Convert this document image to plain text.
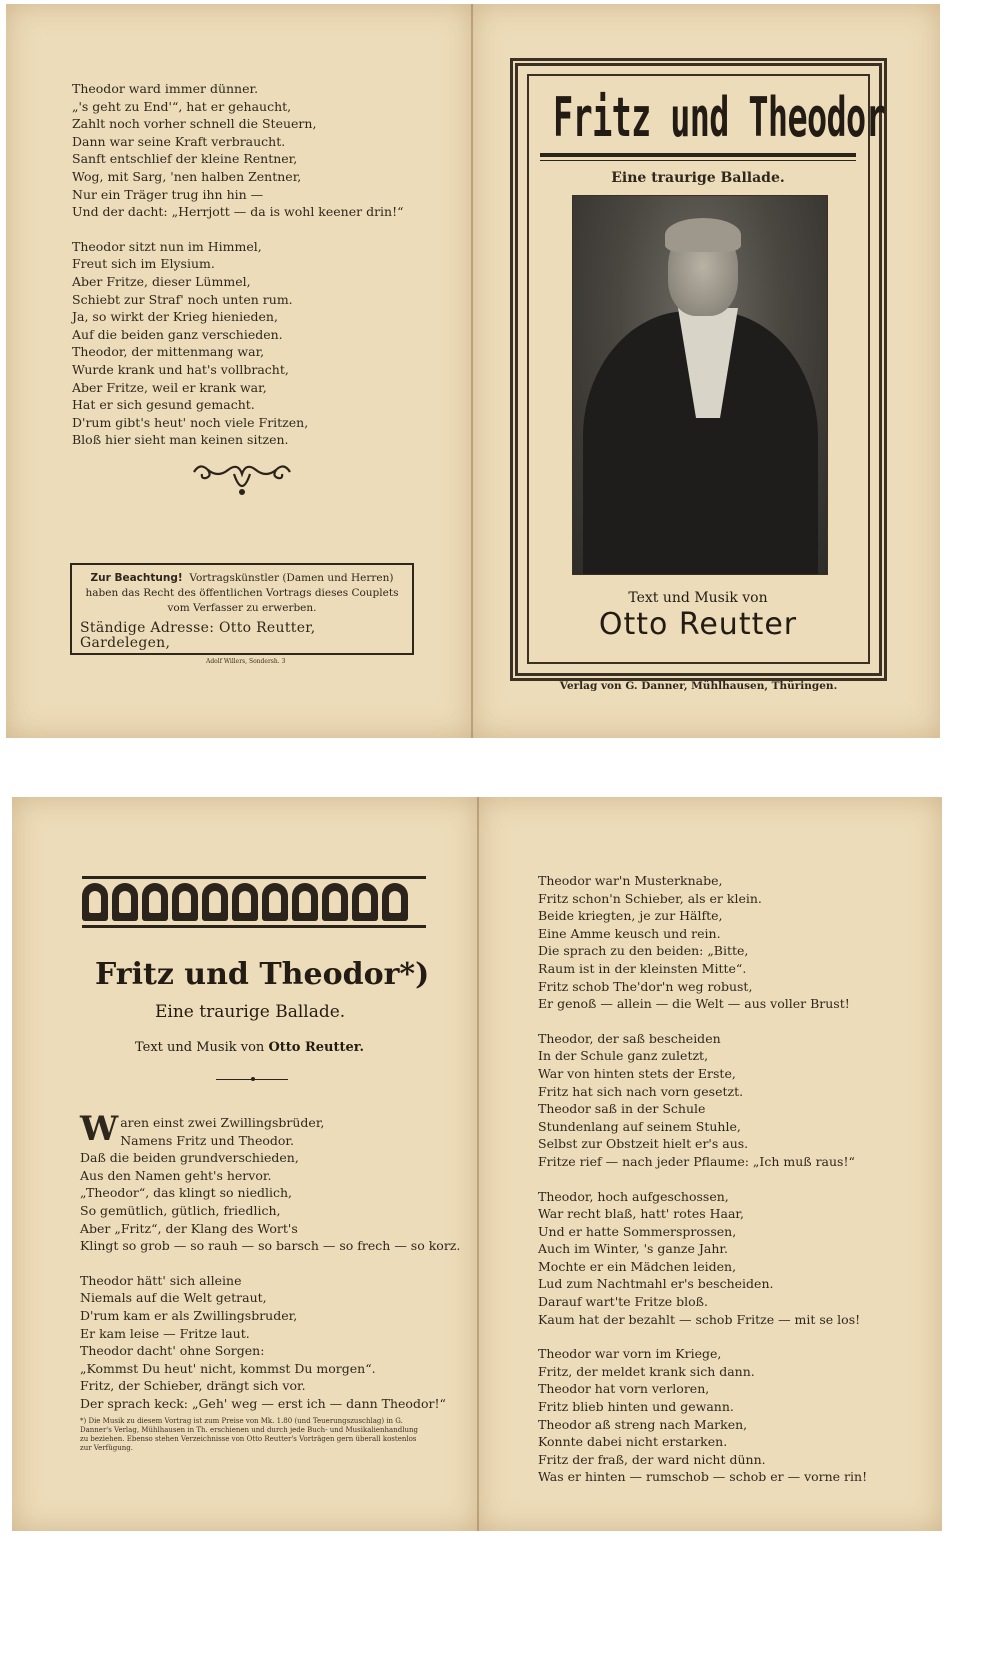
Theodor ward immer dünner.
„'s geht zu End'“, hat er gehaucht,
Zahlt noch vorher schnell die Steuern,
Dann war seine Kraft verbraucht.
Sanft entschlief der kleine Rentner,
Wog, mit Sarg, 'nen halben Zentner,
Nur ein Träger trug ihn hin —
Und der dacht: „Herrjott — da is wohl keener drin!“
Theodor sitzt nun im Himmel,
Freut sich im Elysium.
Aber Fritze, dieser Lümmel,
Schiebt zur Straf' noch unten rum.
Ja, so wirkt der Krieg hienieden,
Auf die beiden ganz verschieden.
Theodor, der mittenmang war,
Wurde krank und hat's vollbracht,
Aber Fritze, weil er krank war,
Hat er sich gesund gemacht.
D'rum gibt's heut' noch viele Fritzen,
Bloß hier sieht man keinen sitzen.
Zur Beachtung! Vortragskünstler (Damen und Herren) haben das Recht des öffentlichen Vortrags dieses Couplets vom Verfasser zu erwerben.
Ständige Adresse: Otto Reutter, Gardelegen,
Adolf Willers, Sondersh. 3
Fritz und Theodor
Eine traurige Ballade.
Text und Musik von
Otto Reutter
Verlag von G. Danner, Mühlhausen, Thüringen.
Fritz und Theodor*)
Eine traurige Ballade.
Text und Musik von Otto Reutter.
Waren einst zwei Zwillingsbrüder,
Namens Fritz und Theodor.
Daß die beiden grundverschieden,
Aus den Namen geht's hervor.
„Theodor“, das klingt so niedlich,
So gemütlich, gütlich, friedlich,
Aber „Fritz“, der Klang des Wort's
Klingt so grob — so rauh — so barsch — so frech — so korz.
Theodor hätt' sich alleine
Niemals auf die Welt getraut,
D'rum kam er als Zwillingsbruder,
Er kam leise — Fritze laut.
Theodor dacht' ohne Sorgen:
„Kommst Du heut' nicht, kommst Du morgen“.
Fritz, der Schieber, drängt sich vor.
Der sprach keck: „Geh' weg — erst ich — dann Theodor!“
*) Die Musik zu diesem Vortrag ist zum Preise von Mk. 1.80 (und Teuerungszuschlag) in G. Danner's Verlag, Mühlhausen in Th. erschienen und durch jede Buch- und Musikalienhandlung zu beziehen. Ebenso stehen Verzeichnisse von Otto Reutter's Vorträgen gern überall kostenlos zur Verfügung.
Theodor war'n Musterknabe,
Fritz schon'n Schieber, als er klein.
Beide kriegten, je zur Hälfte,
Eine Amme keusch und rein.
Die sprach zu den beiden: „Bitte,
Raum ist in der kleinsten Mitte“.
Fritz schob The'dor'n weg robust,
Er genoß — allein — die Welt — aus voller Brust!
Theodor, der saß bescheiden
In der Schule ganz zuletzt,
War von hinten stets der Erste,
Fritz hat sich nach vorn gesetzt.
Theodor saß in der Schule
Stundenlang auf seinem Stuhle,
Selbst zur Obstzeit hielt er's aus.
Fritze rief — nach jeder Pflaume: „Ich muß raus!“
Theodor, hoch aufgeschossen,
War recht blaß, hatt' rotes Haar,
Und er hatte Sommersprossen,
Auch im Winter, 's ganze Jahr.
Mochte er ein Mädchen leiden,
Lud zum Nachtmahl er's bescheiden.
Darauf wart'te Fritze bloß.
Kaum hat der bezahlt — schob Fritze — mit se los!
Theodor war vorn im Kriege,
Fritz, der meldet krank sich dann.
Theodor hat vorn verloren,
Fritz blieb hinten und gewann.
Theodor aß streng nach Marken,
Konnte dabei nicht erstarken.
Fritz der fraß, der ward nicht dünn.
Was er hinten — rumschob — schob er — vorne rin!
